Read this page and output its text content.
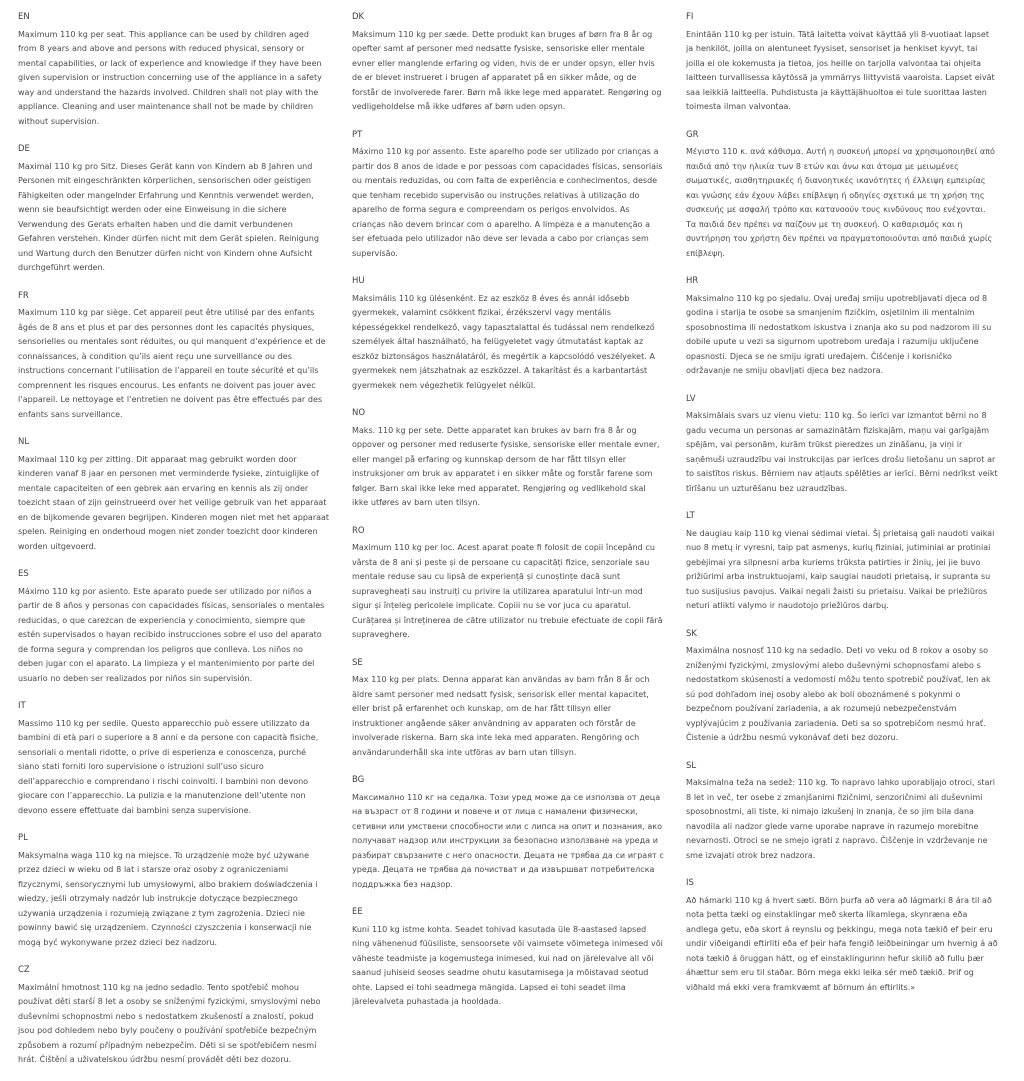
EN

Maximum 110 kg per seat. This appliance can be used by children aged from 8 years and above and persons with reduced physical, sensory or mental capabilities, or lack of experience and knowledge if they have been given supervision or instruction concerning use of the appliance in a safety way and understand the hazards involved. Children shall not play with the appliance. Cleaning and user maintenance shall not be made by children without supervision.

DE

Maximal 110 kg pro Sitz. Dieses Gerät kann von Kindern ab 8 Jahren und Personen mit eingeschränkten körperlichen, sensorischen oder geistigen Fähigkeiten oder mangelnder Erfahrung und Kenntnis verwendet werden, wenn sie beaufsichtigt werden oder eine Einweisung in die sichere Verwendung des Gerats erhalten haben und die damit verbundenen Gefahren verstehen. Kinder dürfen nicht mit dem Gerät spielen. Reinigung und Wartung durch den Benutzer dürfen nicht von Kindern ohne Aufsicht durchgeführt werden.

FR

Maximum 110 kg par siège. Cet appareil peut être utilisé par des enfants âgés de 8 ans et plus et par des personnes dont les capacités physiques, sensorielles ou mentales sont réduites, ou qui manquent d’expérience et de connaissances, à condition qu’ils aient reçu une surveillance ou des instructions concernant l’utilisation de l’appareil en toute sécurité et qu’ils comprennent les risques encourus. Les enfants ne doivent pas jouer avec l’appareil. Le nettoyage et l’entretien ne doivent pas être effectués par des enfants sans surveillance.

NL

Maximaal 110 kg per zitting. Dit apparaat mag gebruikt worden door kinderen vanaf 8 jaar en personen met verminderde fysieke, zintuiglijke of mentale capaciteiten of een gebrek aan ervaring en kennis als zij onder toezicht staan of zijn geinstrueerd over het veilige gebruik van het apparaat en de bijkomende gevaren begrijpen. Kinderen mogen niet met het apparaat spelen. Reiniging en onderhoud mogen niet zonder toezicht door kinderen worden uitgevoerd.

ES

Máximo 110 kg por asiento. Este aparato puede ser utilizado por niños a partir de 8 años y personas con capacidades físicas, sensoriales o mentales reducidas, o que carezcan de experiencia y conocimiento, siempre que estén supervisados o hayan recibido instrucciones sobre el uso del aparato de forma segura y comprendan los peligros que conlleva. Los niños no deben jugar con el aparato. La limpieza y el mantenimiento por parte del usuario no deben ser realizados por niños sin supervisión.

IT

Massimo 110 kg per sedile. Questo apparecchio può essere utilizzato da bambini di età pari o superiore a 8 anni e da persone con capacità fisiche, sensoriali o mentali ridotte, o prive di esperienza e conoscenza, purché siano stati forniti loro supervisione o istruzioni sull’uso sicuro dell’apparecchio e comprendano i rischi coinvolti. I bambini non devono giocare con l’apparecchio. La pulizia e la manutenzione dell’utente non devono essere effettuate dai bambini senza supervisione.

PL

Maksymalna waga 110 kg na miejsce. To urządzenie może być używane przez dzieci w wieku od 8 lat i starsze oraz osoby z ograniczeniami fizycznymi, sensorycznymi lub umysłowymi, albo brakiem doświadczenia i wiedzy, jeśli otrzymały nadzór lub instrukcje dotyczące bezpiecznego używania urządzenia i rozumieją związane z tym zagrożenia. Dzieci nie powinny bawić się urządzeniem. Czynności czyszczenia i konserwacji nie mogą być wykonywane przez dzieci bez nadzoru.

CZ

Maximální hmotnost 110 kg na jedno sedadlo. Tento spotřebič mohou používat děti starší 8 let a osoby se sníženými fyzickými, smyslovými nebo duševními schopnostmi nebo s nedostatkem zkušeností a znalostí, pokud jsou pod dohledem nebo byly poučeny o používání spotřebiče bezpečným způsobem a rozumí případným nebezpečím. Děti si se spotřebičem nesmí hrát. Čištění a uživatelskou údržbu nesmí provádět děti bez dozoru.

DK

Maksimum 110 kg per sæde. Dette produkt kan bruges af børn fra 8 år og opefter samt af personer med nedsatte fysiske, sensoriske eller mentale evner eller manglende erfaring og viden, hvis de er under opsyn, eller hvis de er blevet instrueret i brugen af apparatet på en sikker måde, og de forstår de involverede farer. Børn må ikke lege med apparatet. Rengøring og vedligeholdelse må ikke udføres af børn uden opsyn.

PT

Máximo 110 kg por assento. Este aparelho pode ser utilizado por crianças a partir dos 8 anos de idade e por pessoas com capacidades físicas, sensoriais ou mentais reduzidas, ou com falta de experiência e conhecimentos, desde que tenham recebido supervisão ou instruções relativas à utilização do aparelho de forma segura e compreendam os perigos envolvidos. As crianças não devem brincar com o aparelho. A limpeza e a manutenção a ser efetuada pelo utilizador não deve ser levada a cabo por crianças sem supervisão.

HU

Maksimális 110 kg ülésenként. Ez az eszköz 8 éves és annál idősebb gyermekek, valamint csökkent fizikai, érzékszervi vagy mentális képességekkel rendelkező, vagy tapasztalattal és tudással nem rendelkező személyek által használható, ha felügyeletet vagy útmutatást kaptak az eszköz biztonságos használatáról, és megértik a kapcsolódó veszélyeket. A gyermekek nem játszhatnak az eszközzel. A takarítást és a karbantartást gyermekek nem végezhetik felügyelet nélkül.

NO

Maks. 110 kg per sete. Dette apparatet kan brukes av barn fra 8 år og oppover og personer med reduserte fysiske, sensoriske eller mentale evner, eller mangel på erfaring og kunnskap dersom de har fått tilsyn eller instruksjoner om bruk av apparatet i en sikker måte og forstår farene som følger. Barn skal ikke leke med apparatet. Rengjøring og vedlikehold skal ikke utføres av barn uten tilsyn.

RO

Maximum 110 kg per loc. Acest aparat poate fi folosit de copii începând cu vârsta de 8 ani și peste și de persoane cu capacități fizice, senzoriale sau mentale reduse sau cu lipsă de experiență și cunoștințe dacă sunt supravegheați sau instruiți cu privire la utilizarea aparatului într-un mod sigur și înțeleg pericolele implicate. Copiii nu se vor juca cu aparatul. Curățarea și întreținerea de către utilizator nu trebuie efectuate de copii fără supraveghere.

SE

Max 110 kg per plats. Denna apparat kan användas av barn från 8 år och äldre samt personer med nedsatt fysisk, sensorisk eller mental kapacitet, eller brist på erfarenhet och kunskap, om de har fått tillsyn eller instruktioner angående säker användning av apparaten och förstår de involverade riskerna. Barn ska inte leka med apparaten. Rengöring och användarunderhåll ska inte utföras av barn utan tillsyn.

BG

Максимално 110 кг на седалка. Този уред може да се използва от деца на възраст от 8 години и повече и от лица с намалени физически, сетивни или умствени способности или с липса на опит и познания, ако получават надзор или инструкции за безопасно използване на уреда и разбират свързаните с него опасности. Децата не трябва да си играят с уреда. Децата не трябва да почистват и да извършват потребителска поддръжка без надзор.

EE

Kuni 110 kg istme kohta. Seadet tohivad kasutada üle 8-aastased lapsed ning vähenenud füüsiliste, sensoorsete või vaimsete võimetega inimesed või väheste teadmiste ja kogemustega inimesed, kui nad on järelevalve all või saanud juhiseid seoses seadme ohutu kasutamisega ja mõistavad seotud ohte. Lapsed ei tohi seadmega mängida. Lapsed ei tohi seadet ilma järelevalveta puhastada ja hooldada.

FI

Enintään 110 kg per istuin. Tätä laitetta voivat käyttää yli 8-vuotiaat lapset ja henkilöt, joilla on alentuneet fyysiset, sensoriset ja henkiset kyvyt, tai joilla ei ole kokemusta ja tietoa, jos heille on tarjolla valvontaa tai ohjeita laitteen turvallisessa käytössä ja ymmärrys liittyvistä vaaroista. Lapset eivät saa leikkiä laitteella. Puhdistusta ja käyttäjähuoltoa ei tule suorittaa lasten toimesta ilman valvontaa.

GR

Μέγιστο 110 κ. ανά κάθισμα. Αυτή η συσκευή μπορεί να χρησιμοποιηθεί από παιδιά από την ηλικία των 8 ετών και άνω και άτομα με μειωμένες σωματικές, αισθητηριακές ή διανοητικές ικανότητες ή έλλειψη εμπειρίας και γνώσης εάν έχουν λάβει επίβλεψη ή οδηγίες σχετικά με τη χρήση της συσκευής με ασφαλή τρόπο και κατανοούν τους κινδύνους που ενέχονται. Τα παιδιά δεν πρέπει να παίζουν με τη συσκευή. Ο καθαρισμός και η συντήρηση του χρήστη δεν πρέπει να πραγματοποιούνται από παιδιά χωρίς επίβλεψη.

HR

Maksimalno 110 kg po sjedalu. Ovaj uređaj smiju upotrebljavati djeca od 8 godina i starija te osobe sa smanjenim fizičkim, osjetilnim ili mentalnim sposobnostima ili nedostatkom iskustva i znanja ako su pod nadzorom ili su dobile upute u vezi sa sigurnom upotrebom uređaja i razumiju uključene opasnosti. Djeca se ne smiju igrati uređajem. Čišćenje i korisničko održavanje ne smiju obavljati djeca bez nadzora.

LV

Maksimālais svars uz vienu vietu: 110 kg. Šo ierīci var izmantot bērni no 8 gadu vecuma un personas ar samazinātām fiziskajām, maņu vai garīgajām spējām, vai personām, kurām trūkst pieredzes un zināšanu, ja viņi ir saņēmuši uzraudzību vai instrukcijas par ierīces drošu lietošanu un saprot ar to saistītos riskus. Bērniem nav atļauts spēlēties ar ierīci. Bērni nedrīkst veikt tīrīšanu un uzturēšanu bez uzraudzības.

LT

Ne daugiau kaip 110 kg vienai sėdimai vietai. Šį prietaisą gali naudoti vaikai nuo 8 metų ir vyresni, taip pat asmenys, kurių fiziniai, jutiminiai ar protiniai gebėjimai yra silpnesni arba kuriems trūksta patirties ir žinių, jei jie buvo prižiūrimi arba instruktuojami, kaip saugiai naudoti prietaisą, ir supranta su tuo susijusius pavojus. Vaikai negali žaisti su prietaisu. Vaikai be priežiūros neturi atlikti valymo ir naudotojo priežiūros darbų.

SK

Maximálna nosnosť 110 kg na sedadlo. Deti vo veku od 8 rokov a osoby so zníženými fyzickými, zmyslovými alebo duševnými schopnosťami alebo s nedostatkom skúseností a vedomostí môžu tento spotrebič používať, len ak sú pod dohľadom inej osoby alebo ak boli oboznámené s pokynmi o bezpečnom používaní zariadenia, a ak rozumejú nebezpečenstvám vyplývajúcim z používania zariadenia. Deti sa so spotrebičom nesmú hrať. Čistenie a údržbu nesmú vykonávať deti bez dozoru.

SL

Maksimalna teža na sedež: 110 kg. To napravo lahko uporabljajo otroci, stari 8 let in več, ter osebe z zmanjšanimi fizičnimi, senzoričnimi ali duševnimi sposobnostmi, ali tiste, ki nimajo izkušenj in znanja, če so jim bila dana navodila ali nadzor glede varne uporabe naprave in razumejo morebitne nevarnosti. Otroci se ne smejo igrati z napravo. Čiščenje in vzdrževanje ne sme izvajati otrok brez nadzora.

IS

Að hámarki 110 kg á hvert sæti. Börn þurfa að vera að lágmarki 8 ára til að nota þetta tæki og einstaklingar með skerta líkamlega, skynræna eða andlega getu, eða skort á reynslu og þekkingu, mega nota tækið ef þeir eru undir viðeigandi eftirliti eða ef þeir hafa fengið leiðbeiningar um hvernig á að nota tækið á öruggan hátt, og ef einstaklingurinn hefur skilið að fullu þær áhættur sem eru til staðar. Börn mega ekki leika sér með tækið. Þrif og viðhald má ekki vera framkvæmt af börnum án eftirlits.»
